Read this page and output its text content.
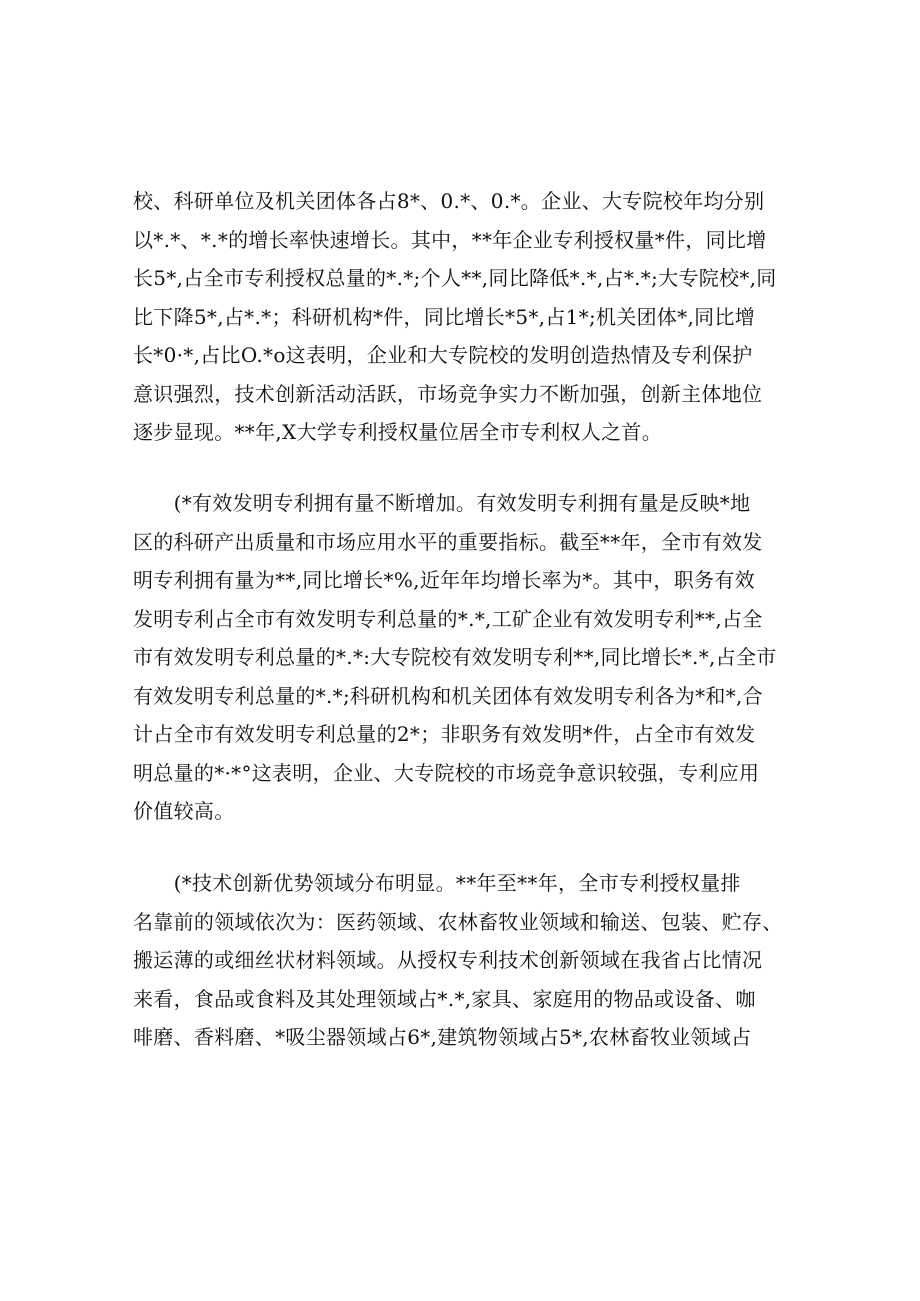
校、科研单位及机关团体各占8*、0.*、0.*。企业、大专院校年均分别
以*.*、*.*的增长率快速增长。其中，**年企业专利授权量*件，同比增
长5*,占全市专利授权总量的*.*;个人**,同比降低*.*,占*.*;大专院校*,同
比下降5*,占*.*；科研机构*件，同比增长*5*,占1*;机关团体*,同比增
长*0·*,占比O.*o这表明，企业和大专院校的发明创造热情及专利保护
意识强烈，技术创新活动活跃，市场竞争实力不断加强，创新主体地位
逐步显现。**年,X大学专利授权量位居全市专利权人之首。
　　(*有效发明专利拥有量不断增加。有效发明专利拥有量是反映*地
区的科研产出质量和市场应用水平的重要指标。截至**年，全市有效发
明专利拥有量为**,同比增长*%,近年年均增长率为*。其中，职务有效
发明专利占全市有效发明专利总量的*.*,工矿企业有效发明专利**,占全
市有效发明专利总量的*.*:大专院校有效发明专利**,同比增长*.*,占全市
有效发明专利总量的*.*;科研机构和机关团体有效发明专利各为*和*,合
计占全市有效发明专利总量的2*；非职务有效发明*件，占全市有效发
明总量的*·*°这表明，企业、大专院校的市场竞争意识较强，专利应用
价值较高。
　　(*技术创新优势领域分布明显。**年至**年，全市专利授权量排
名靠前的领域依次为：医药领域、农林畜牧业领域和输送、包装、贮存、
搬运薄的或细丝状材料领域。从授权专利技术创新领域在我省占比情况
来看，食品或食料及其处理领域占*.*,家具、家庭用的物品或设备、咖
啡磨、香料磨、*吸尘器领域占6*,建筑物领域占5*,农林畜牧业领域占
